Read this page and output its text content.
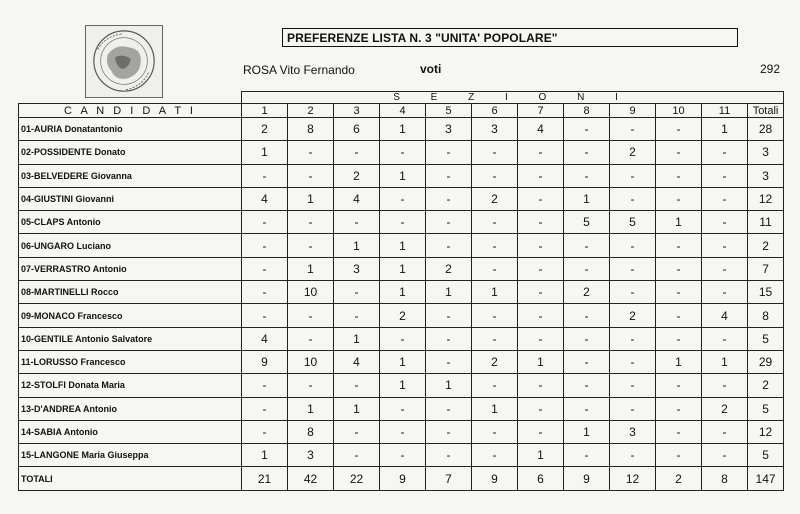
PREFERENZE LISTA N. 3 "UNITA' POPOLARE"
ROSA Vito Fernando	voti	292
	S E Z I O N I											
C A N D I D A T I	1	2	3	4	5	6	7	8	9	10	11	Totali
01-AURIA Donatantonio	2	8	6	1	3	3	4	-	-	-	1	28
02-POSSIDENTE Donato	1	-	-	-	-	-	-	-	2	-	-	3
03-BELVEDERE Giovanna	-	-	2	1	-	-	-	-	-	-	-	3
04-GIUSTINI Giovanni	4	1	4	-	-	2	-	1	-	-	-	12
05-CLAPS Antonio	-	-	-	-	-	-	-	5	5	1	-	11
06-UNGARO Luciano	-	-	1	1	-	-	-	-	-	-	-	2
07-VERRASTRO Antonio	-	1	3	1	2	-	-	-	-	-	-	7
08-MARTINELLI Rocco	-	10	-	1	1	1	-	2	-	-	-	15
09-MONACO Francesco	-	-	-	2	-	-	-	-	2	-	4	8
10-GENTILE Antonio Salvatore	4	-	1	-	-	-	-	-	-	-	-	5
11-LORUSSO Francesco	9	10	4	1	-	2	1	-	-	1	1	29
12-STOLFI Donata Maria	-	-	-	1	1	-	-	-	-	-	-	2
13-D'ANDREA Antonio	-	1	1	-	-	1	-	-	-	-	2	5
14-SABIA Antonio	-	8	-	-	-	-	-	1	3	-	-	12
15-LANGONE Maria Giuseppa	1	3	-	-	-	-	1	-	-	-	-	5
TOTALI	21	42	22	9	7	9	6	9	12	2	8	147
